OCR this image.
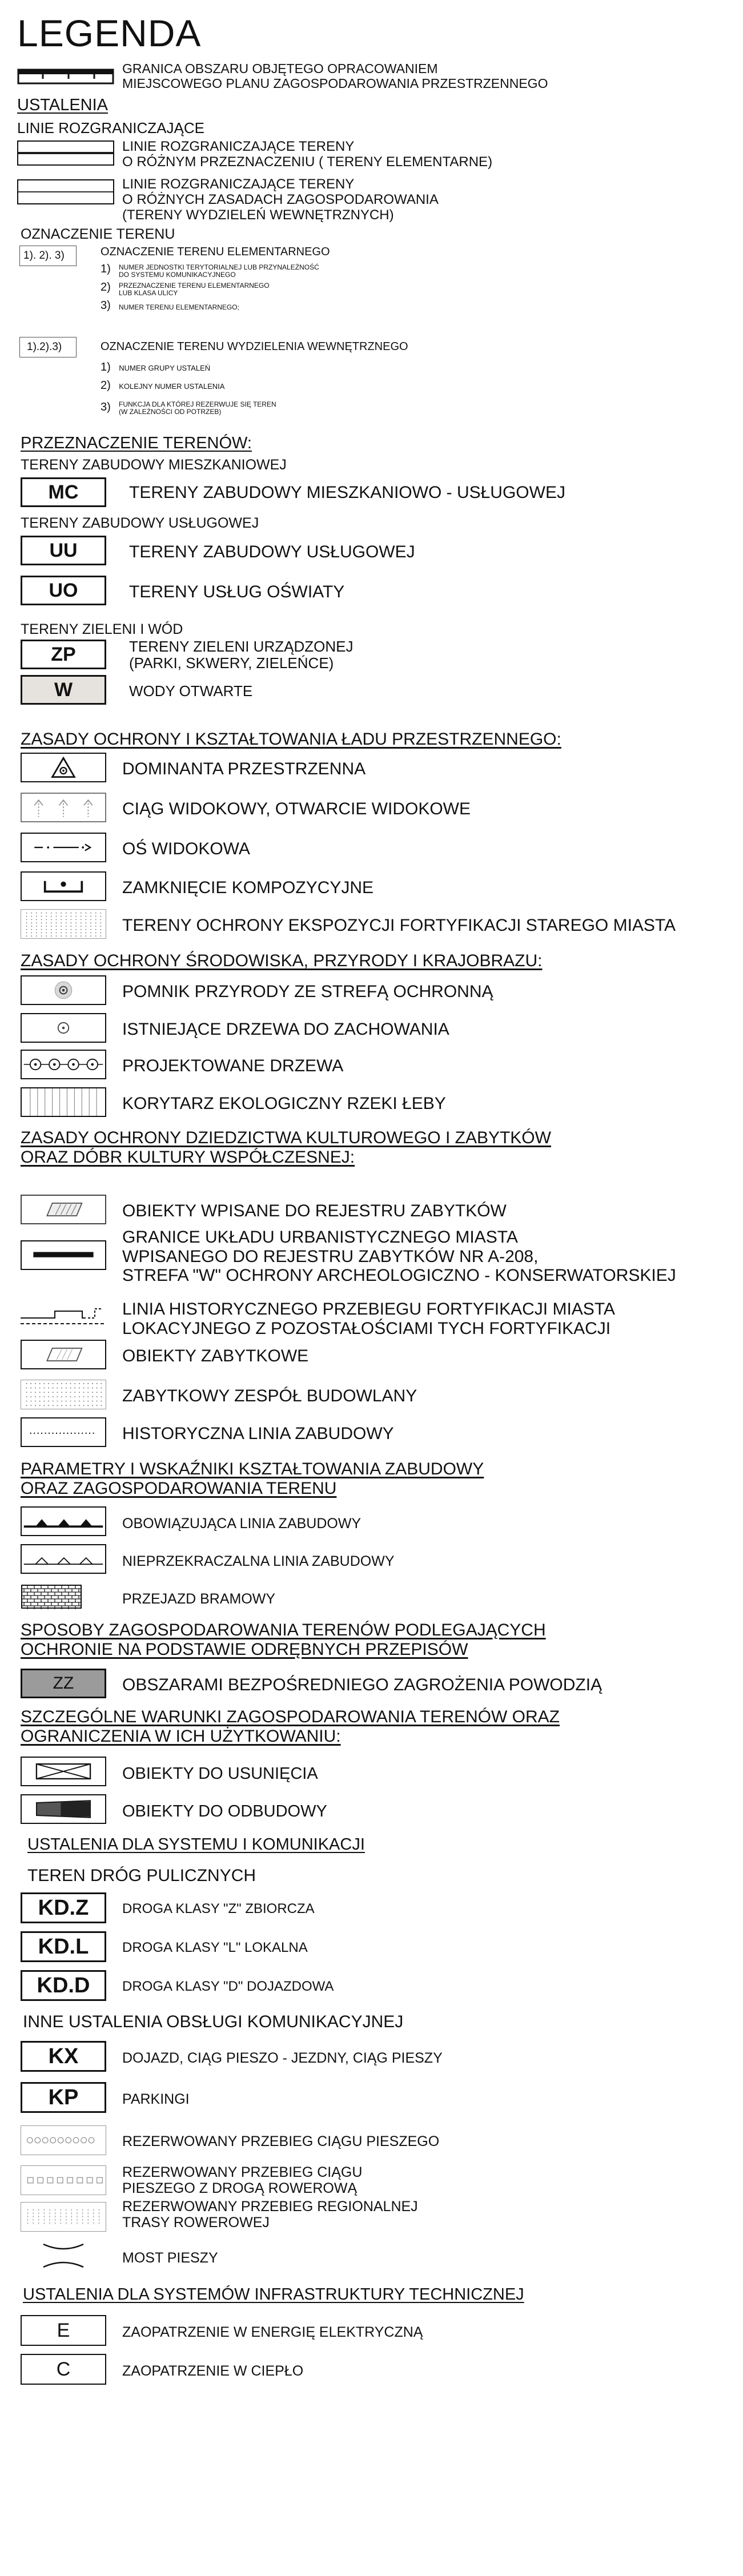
LEGENDA
GRANICA OBSZARU OBJĘTEGO OPRACOWANIEM
MIEJSCOWEGO PLANU ZAGOSPODAROWANIA PRZESTRZENNEGO
USTALENIA
LINIE ROZGRANICZAJĄCE
LINIE ROZGRANICZAJĄCE TERENY
O RÓŻNYM PRZEZNACZENIU ( TERENY ELEMENTARNE)
LINIE ROZGRANICZAJĄCE TERENY
O RÓŻNYCH ZASADACH ZAGOSPODAROWANIA
(TERENY WYDZIELEŃ WEWNĘTRZNYCH)
OZNACZENIE TERENU
1). 2). 3)	OZNACZENIE TERENU ELEMENTARNEGO
1) NUMER JEDNOSTKI TERYTORIALNEJ LUB PRZYNALEŻNOŚĆ
DO SYSTEMU KOMUNIKACYJNEGO
2) PRZEZNACZENIE TERENU ELEMENTARNEGO
LUB KLASA ULICY
3) NUMER TERENU ELEMENTARNEGO;
1).2).3)	OZNACZENIE TERENU WYDZIELENIA WEWNĘTRZNEGO
1) NUMER GRUPY USTALEŃ
2) KOLEJNY NUMER USTALENIA
3) FUNKCJA DLA KTÓREJ REZERWUJE SIĘ TEREN
(W ZALEŻNOŚCI OD POTRZEB)
PRZEZNACZENIE TERENÓW:
TERENY ZABUDOWY MIESZKANIOWEJ
MC	TERENY ZABUDOWY MIESZKANIOWO - USŁUGOWEJ
TERENY ZABUDOWY USŁUGOWEJ
UU	TERENY ZABUDOWY USŁUGOWEJ
UO	TERENY USŁUG OŚWIATY
TERENY ZIELENI I WÓD
ZP	TERENY ZIELENI URZĄDZONEJ
(PARKI, SKWERY, ZIELEŃCE)
W	WODY OTWARTE
ZASADY OCHRONY I KSZTAŁTOWANIA ŁADU PRZESTRZENNEGO:
DOMINANTA PRZESTRZENNA
CIĄG WIDOKOWY, OTWARCIE WIDOKOWE
OŚ WIDOKOWA
ZAMKNIĘCIE KOMPOZYCYJNE
TERENY OCHRONY EKSPOZYCJI FORTYFIKACJI STAREGO MIASTA
ZASADY OCHRONY ŚRODOWISKA, PRZYRODY I KRAJOBRAZU:
POMNIK PRZYRODY ZE STREFĄ OCHRONNĄ
ISTNIEJĄCE DRZEWA DO ZACHOWANIA
PROJEKTOWANE DRZEWA
KORYTARZ EKOLOGICZNY RZEKI ŁEBY
ZASADY OCHRONY DZIEDZICTWA KULTUROWEGO I ZABYTKÓW
ORAZ DÓBR KULTURY WSPÓŁCZESNEJ:
OBIEKTY WPISANE DO REJESTRU ZABYTKÓW
GRANICE UKŁADU URBANISTYCZNEGO MIASTA
WPISANEGO DO REJESTRU ZABYTKÓW NR A-208,
STREFA "W" OCHRONY ARCHEOLOGICZNO - KONSERWATORSKIEJ
LINIA HISTORYCZNEGO PRZEBIEGU FORTYFIKACJI MIASTA
LOKACYJNEGO Z POZOSTAŁOŚCIAMI TYCH FORTYFIKACJI
OBIEKTY ZABYTKOWE
ZABYTKOWY ZESPÓŁ BUDOWLANY
HISTORYCZNA LINIA ZABUDOWY
PARAMETRY I WSKAŹNIKI KSZTAŁTOWANIA ZABUDOWY
ORAZ ZAGOSPODAROWANIA TERENU
OBOWIĄZUJĄCA LINIA ZABUDOWY
NIEPRZEKRACZALNA LINIA ZABUDOWY
PRZEJAZD BRAMOWY
SPOSOBY ZAGOSPODAROWANIA TERENÓW PODLEGAJĄCYCH
OCHRONIE NA PODSTAWIE ODRĘBNYCH PRZEPISÓW
ZZ	OBSZARAMI BEZPOŚREDNIEGO ZAGROŻENIA POWODZIĄ
SZCZEGÓLNE WARUNKI ZAGOSPODAROWANIA TERENÓW ORAZ
OGRANICZENIA W ICH UŻYTKOWANIU:
OBIEKTY DO USUNIĘCIA
OBIEKTY DO ODBUDOWY
USTALENIA DLA SYSTEMU I KOMUNIKACJI
TEREN DRÓG PULICZNYCH
KD.Z	DROGA KLASY "Z" ZBIORCZA
KD.L	DROGA KLASY "L" LOKALNA
KD.D	DROGA KLASY "D" DOJAZDOWA
INNE USTALENIA OBSŁUGI KOMUNIKACYJNEJ
KX	DOJAZD, CIĄG PIESZO - JEZDNY, CIĄG PIESZY
KP	PARKINGI
REZERWOWANY PRZEBIEG CIĄGU PIESZEGO
REZERWOWANY PRZEBIEG CIĄGU
PIESZEGO Z DROGĄ ROWEROWĄ
REZERWOWANY PRZEBIEG REGIONALNEJ
TRASY ROWEROWEJ
MOST PIESZY
USTALENIA DLA SYSTEMÓW INFRASTRUKTURY TECHNICZNEJ
E	ZAOPATRZENIE W ENERGIĘ ELEKTRYCZNĄ
C	ZAOPATRZENIE W CIEPŁO
